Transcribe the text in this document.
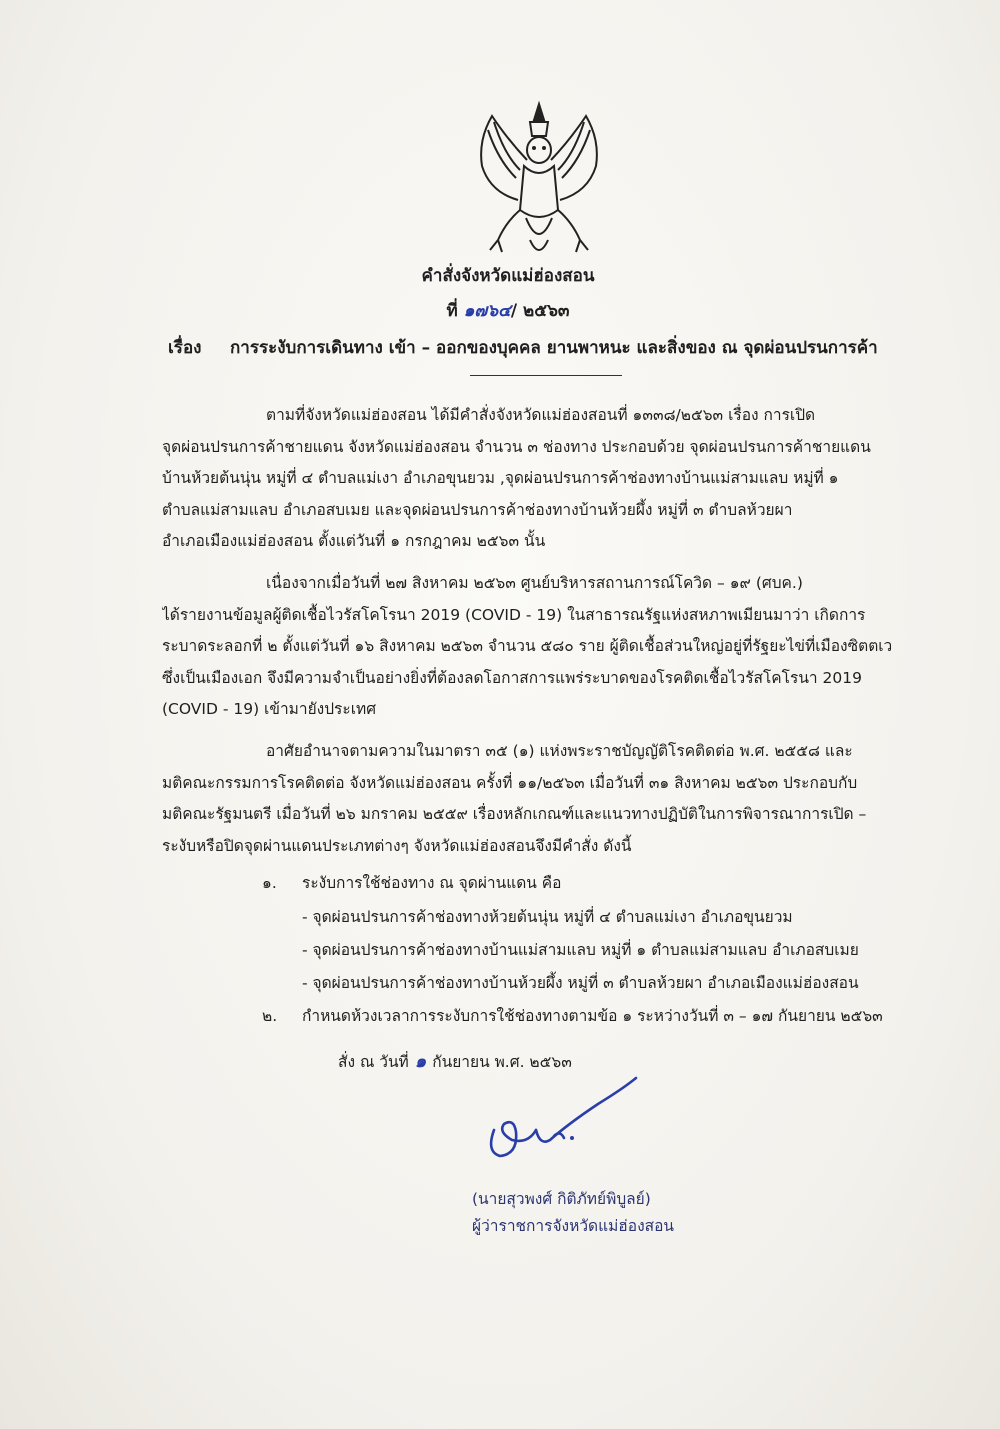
คำสั่งจังหวัดแม่ฮ่องสอน
ที่ ๑๗๖๔/ ๒๕๖๓
เรื่อง การระงับการเดินทาง เข้า – ออกของบุคคล ยานพาหนะ และสิ่งของ ณ จุดผ่อนปรนการค้า
ตามที่จังหวัดแม่ฮ่องสอน ได้มีคำสั่งจังหวัดแม่ฮ่องสอนที่ ๑๓๓๘/๒๕๖๓ เรื่อง การเปิด
จุดผ่อนปรนการค้าชายแดน จังหวัดแม่ฮ่องสอน จำนวน ๓ ช่องทาง ประกอบด้วย จุดผ่อนปรนการค้าชายแดน
บ้านห้วยต้นนุ่น หมู่ที่ ๔ ตำบลแม่เงา อำเภอขุนยวม ,จุดผ่อนปรนการค้าช่องทางบ้านแม่สามแลบ หมู่ที่ ๑
ตำบลแม่สามแลบ อำเภอสบเมย และจุดผ่อนปรนการค้าช่องทางบ้านห้วยผึ้ง หมู่ที่ ๓ ตำบลห้วยผา
อำเภอเมืองแม่ฮ่องสอน ตั้งแต่วันที่ ๑ กรกฎาคม ๒๕๖๓ นั้น
เนื่องจากเมื่อวันที่ ๒๗ สิงหาคม ๒๕๖๓ ศูนย์บริหารสถานการณ์โควิด – ๑๙ (ศบค.)
ได้รายงานข้อมูลผู้ติดเชื้อไวรัสโคโรนา 2019 (COVID - 19) ในสาธารณรัฐแห่งสหภาพเมียนมาว่า เกิดการ
ระบาดระลอกที่ ๒ ตั้งแต่วันที่ ๑๖ สิงหาคม ๒๕๖๓ จำนวน ๕๘๐ ราย ผู้ติดเชื้อส่วนใหญ่อยู่ที่รัฐยะไข่ที่เมืองซิตตเว
ซึ่งเป็นเมืองเอก จึงมีความจำเป็นอย่างยิ่งที่ต้องลดโอกาสการแพร่ระบาดของโรคติดเชื้อไวรัสโคโรนา 2019
(COVID - 19) เข้ามายังประเทศ
อาศัยอำนาจตามความในมาตรา ๓๕ (๑) แห่งพระราชบัญญัติโรคติดต่อ พ.ศ. ๒๕๕๘ และ
มติคณะกรรมการโรคติดต่อ จังหวัดแม่ฮ่องสอน ครั้งที่ ๑๑/๒๕๖๓ เมื่อวันที่ ๓๑ สิงหาคม ๒๕๖๓ ประกอบกับ
มติคณะรัฐมนตรี เมื่อวันที่ ๒๖ มกราคม ๒๕๕๙ เรื่องหลักเกณฑ์และแนวทางปฏิบัติในการพิจารณาการเปิด –
ระงับหรือปิดจุดผ่านแดนประเภทต่างๆ จังหวัดแม่ฮ่องสอนจึงมีคำสั่ง ดังนี้
๑. ระงับการใช้ช่องทาง ณ จุดผ่านแดน คือ
- จุดผ่อนปรนการค้าช่องทางห้วยต้นนุ่น หมู่ที่ ๔ ตำบลแม่เงา อำเภอขุนยวม
- จุดผ่อนปรนการค้าช่องทางบ้านแม่สามแลบ หมู่ที่ ๑ ตำบลแม่สามแลบ อำเภอสบเมย
- จุดผ่อนปรนการค้าช่องทางบ้านห้วยผึ้ง หมู่ที่ ๓ ตำบลห้วยผา อำเภอเมืองแม่ฮ่องสอน
๒. กำหนดห้วงเวลาการระงับการใช้ช่องทางตามข้อ ๑ ระหว่างวันที่ ๓ – ๑๗ กันยายน ๒๕๖๓
สั่ง ณ วันที่ ๑ กันยายน พ.ศ. ๒๕๖๓
(นายสุวพงศ์ กิติภัทย์พิบูลย์)
ผู้ว่าราชการจังหวัดแม่ฮ่องสอน
